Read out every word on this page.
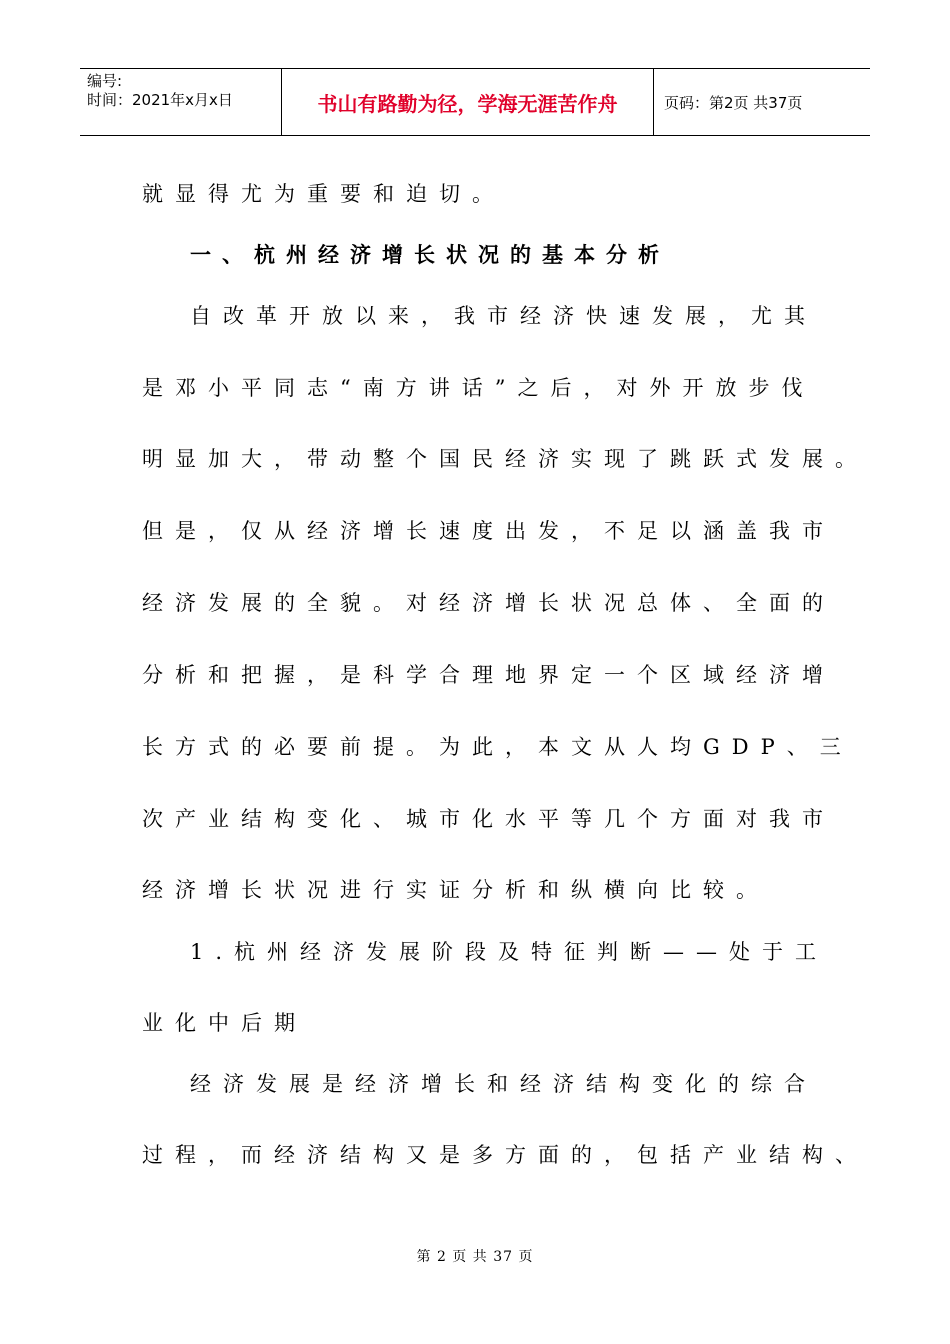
编号:
时间：2021年x月x日	书山有路勤为径，学海无涯苦作舟	页码：第2页 共37页
就显得尤为重要和迫切。
一、杭州经济增长状况的基本分析
自改革开放以来，我市经济快速发展，尤其
是邓小平同志“南方讲话”之后，对外开放步伐
明显加大，带动整个国民经济实现了跳跃式发展。
但是，仅从经济增长速度出发，不足以涵盖我市
经济发展的全貌。对经济增长状况总体、全面的
分析和把握，是科学合理地界定一个区域经济增
长方式的必要前提。为此，本文从人均GDP、三
次产业结构变化、城市化水平等几个方面对我市
经济增长状况进行实证分析和纵横向比较。
1.杭州经济发展阶段及特征判断——处于工
业化中后期
经济发展是经济增长和经济结构变化的综合
过程，而经济结构又是多方面的，包括产业结构、
第 2 页 共 37 页
